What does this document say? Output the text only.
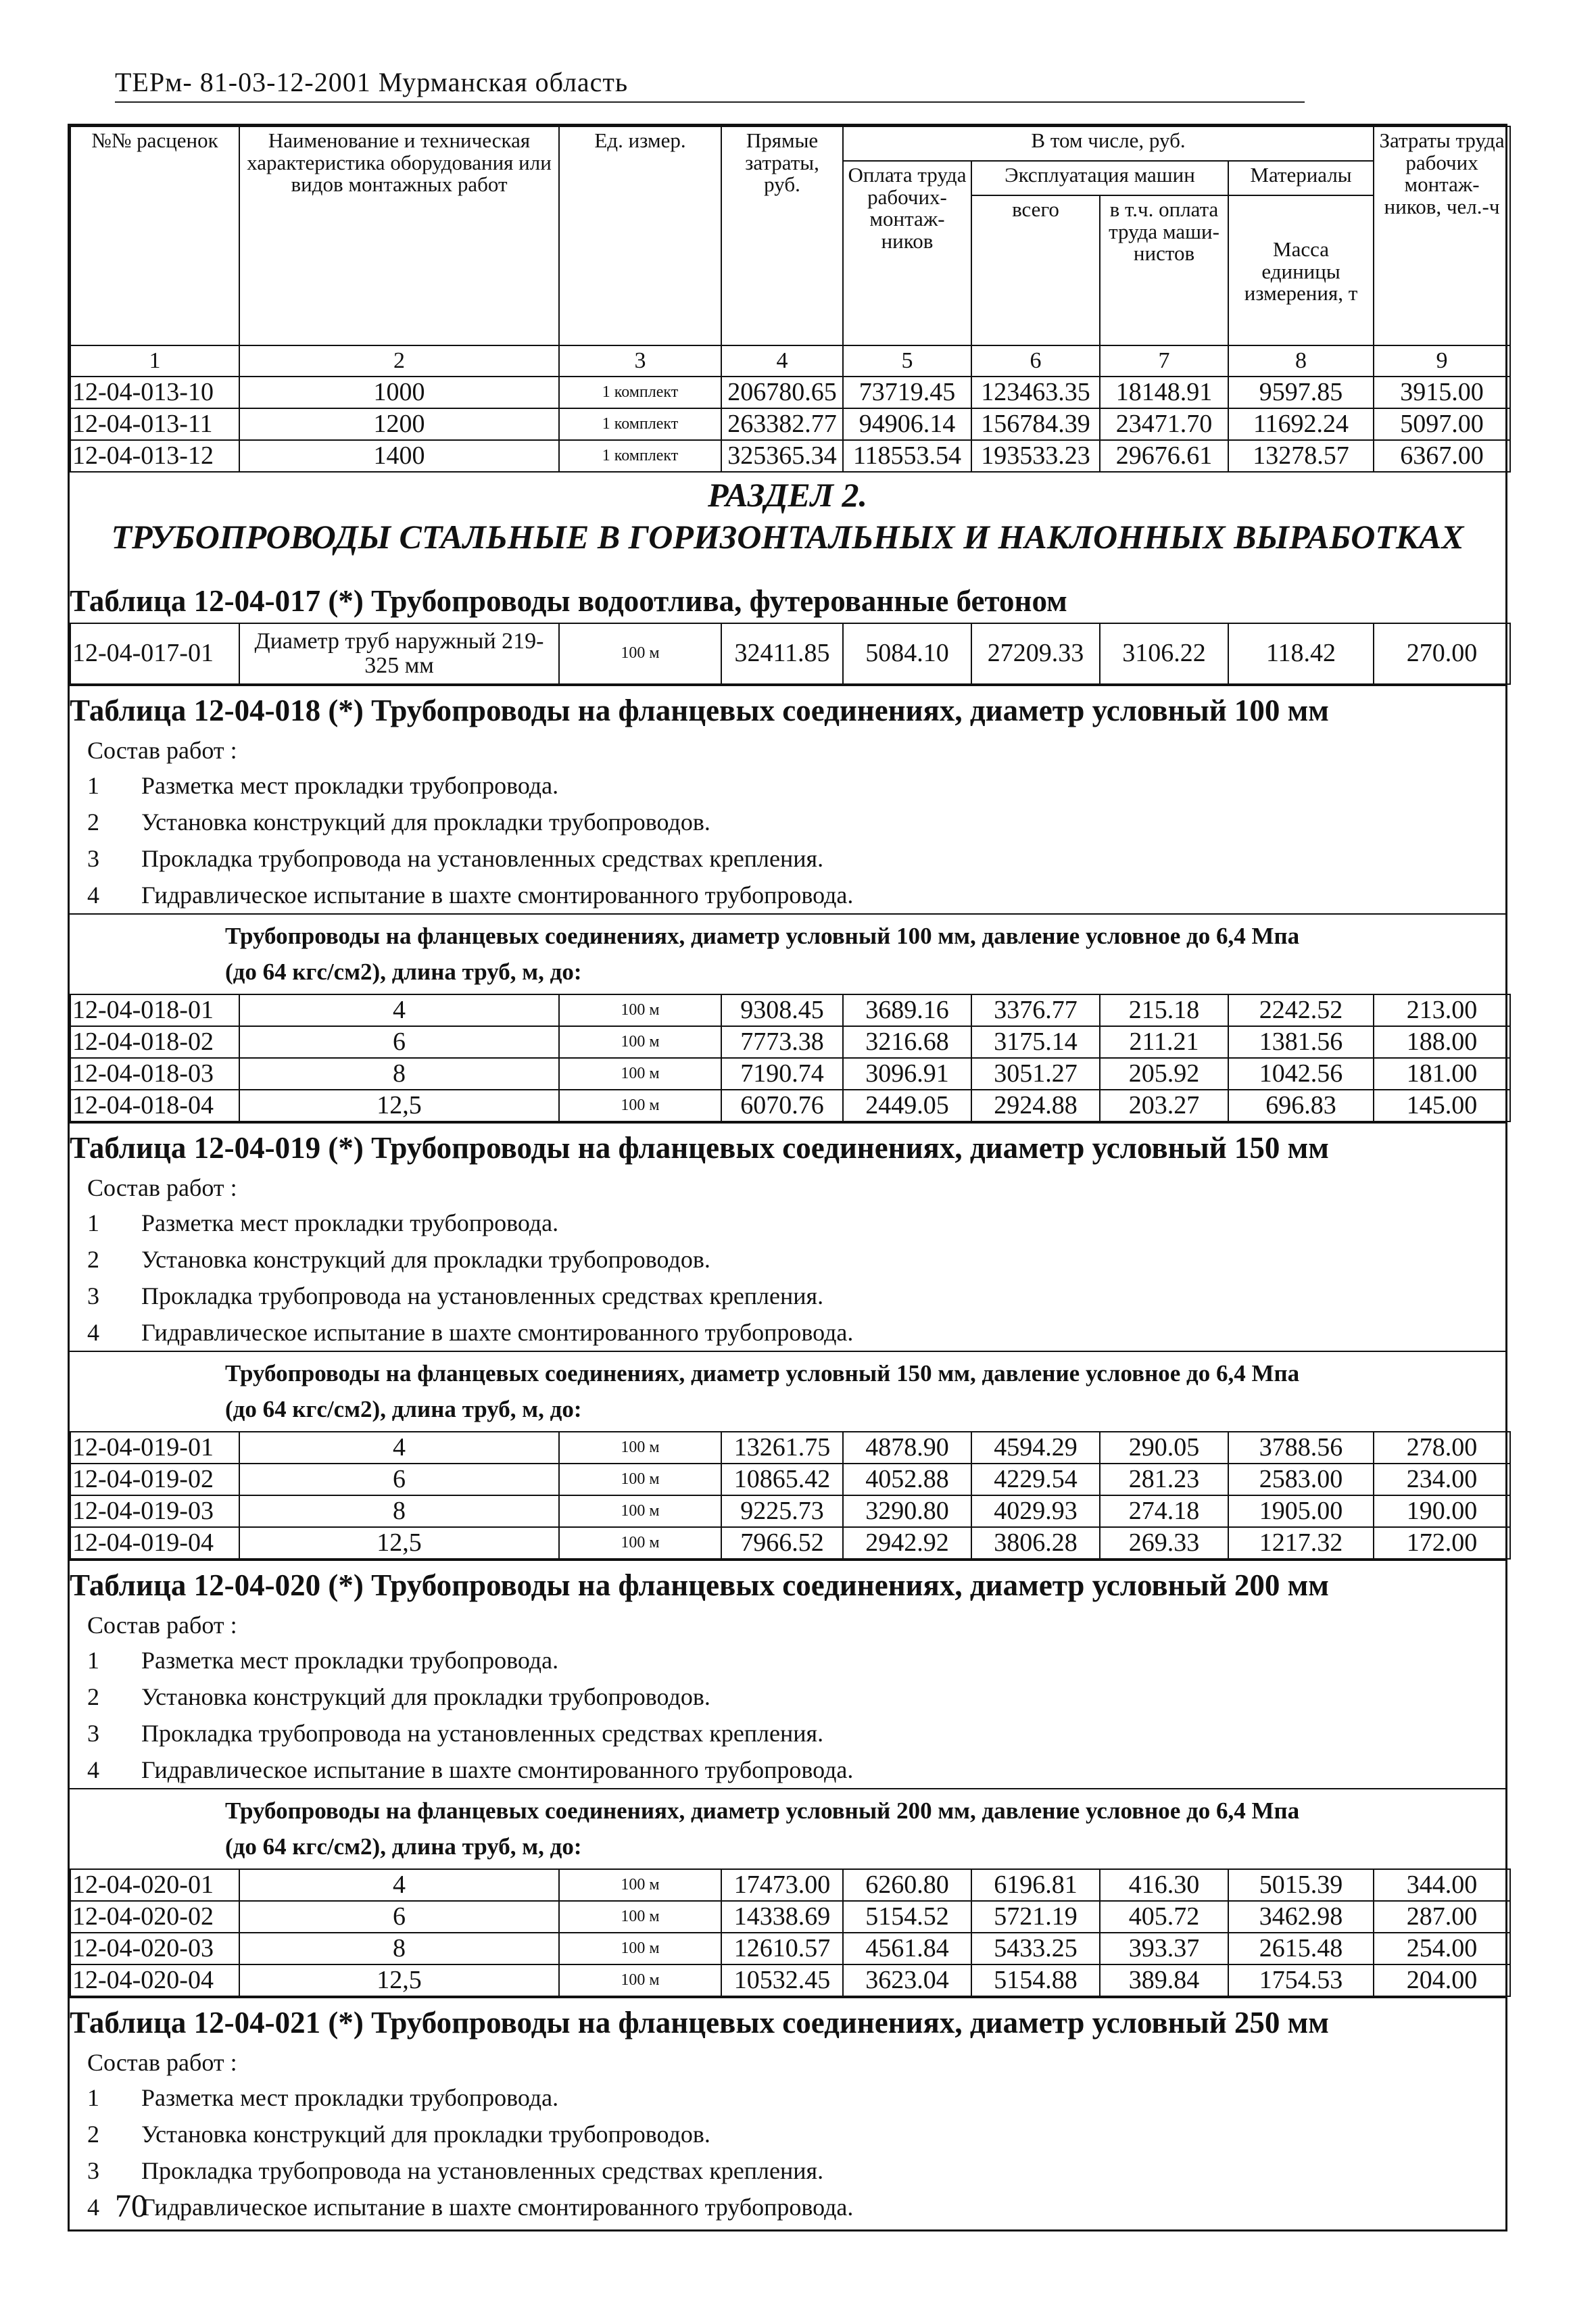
ТЕРм- 81-03-12-2001 Мурманская область
№№ расценок	Наименование и техническая характеристика оборудования или видов монтажных работ	Ед. измер.	Прямые затраты, руб.	В том числе, руб.				Затраты труда рабочих монтаж-ников, чел.-ч
				Оплата труда рабочих-монтаж-ников	Эксплуатация машин		Материалы	
					всего	в т.ч. оплата труда маши-нистов	Масса единицы измерения, т	
1	2	3	4	5	6	7	8	9
12-04-013-10	1000	1 комплект	206780.65	73719.45	123463.35	18148.91	9597.85	3915.00
12-04-013-11	1200	1 комплект	263382.77	94906.14	156784.39	23471.70	11692.24	5097.00
12-04-013-12	1400	1 комплект	325365.34	118553.54	193533.23	29676.61	13278.57	6367.00
РАЗДЕЛ 2.
ТРУБОПРОВОДЫ СТАЛЬНЫЕ В ГОРИЗОНТАЛЬНЫХ И НАКЛОННЫХ ВЫРАБОТКАХ
Таблица 12-04-017 (*) Трубопроводы водоотлива, футерованные бетоном
12-04-017-01	Диаметр труб наружный 219-325 мм	100 м	32411.85	5084.10	27209.33	3106.22	118.42	270.00
Таблица 12-04-018 (*) Трубопроводы на фланцевых соединениях, диаметр условный 100 мм
Состав работ :
1	Разметка мест прокладки трубопровода.
2	Установка конструкций для прокладки трубопроводов.
3	Прокладка трубопровода на установленных средствах крепления.
4	Гидравлическое испытание в шахте смонтированного трубопровода.
Трубопроводы на фланцевых соединениях, диаметр условный 100 мм, давление условное до 6,4 Мпа
(до 64 кгс/см2), длина труб, м, до:
12-04-018-01	4	100 м	9308.45	3689.16	3376.77	215.18	2242.52	213.00
12-04-018-02	6	100 м	7773.38	3216.68	3175.14	211.21	1381.56	188.00
12-04-018-03	8	100 м	7190.74	3096.91	3051.27	205.92	1042.56	181.00
12-04-018-04	12,5	100 м	6070.76	2449.05	2924.88	203.27	696.83	145.00
Таблица 12-04-019 (*) Трубопроводы на фланцевых соединениях, диаметр условный 150 мм
Состав работ :
1	Разметка мест прокладки трубопровода.
2	Установка конструкций для прокладки трубопроводов.
3	Прокладка трубопровода на установленных средствах крепления.
4	Гидравлическое испытание в шахте смонтированного трубопровода.
Трубопроводы на фланцевых соединениях, диаметр условный 150 мм, давление условное до 6,4 Мпа
(до 64 кгс/см2), длина труб, м, до:
12-04-019-01	4	100 м	13261.75	4878.90	4594.29	290.05	3788.56	278.00
12-04-019-02	6	100 м	10865.42	4052.88	4229.54	281.23	2583.00	234.00
12-04-019-03	8	100 м	9225.73	3290.80	4029.93	274.18	1905.00	190.00
12-04-019-04	12,5	100 м	7966.52	2942.92	3806.28	269.33	1217.32	172.00
Таблица 12-04-020 (*) Трубопроводы на фланцевых соединениях, диаметр условный 200 мм
Состав работ :
1	Разметка мест прокладки трубопровода.
2	Установка конструкций для прокладки трубопроводов.
3	Прокладка трубопровода на установленных средствах крепления.
4	Гидравлическое испытание в шахте смонтированного трубопровода.
Трубопроводы на фланцевых соединениях, диаметр условный 200 мм, давление условное до 6,4 Мпа
(до 64 кгс/см2), длина труб, м, до:
12-04-020-01	4	100 м	17473.00	6260.80	6196.81	416.30	5015.39	344.00
12-04-020-02	6	100 м	14338.69	5154.52	5721.19	405.72	3462.98	287.00
12-04-020-03	8	100 м	12610.57	4561.84	5433.25	393.37	2615.48	254.00
12-04-020-04	12,5	100 м	10532.45	3623.04	5154.88	389.84	1754.53	204.00
Таблица 12-04-021 (*) Трубопроводы на фланцевых соединениях, диаметр условный 250 мм
Состав работ :
1	Разметка мест прокладки трубопровода.
2	Установка конструкций для прокладки трубопроводов.
3	Прокладка трубопровода на установленных средствах крепления.
4	Гидравлическое испытание в шахте смонтированного трубопровода.
70
